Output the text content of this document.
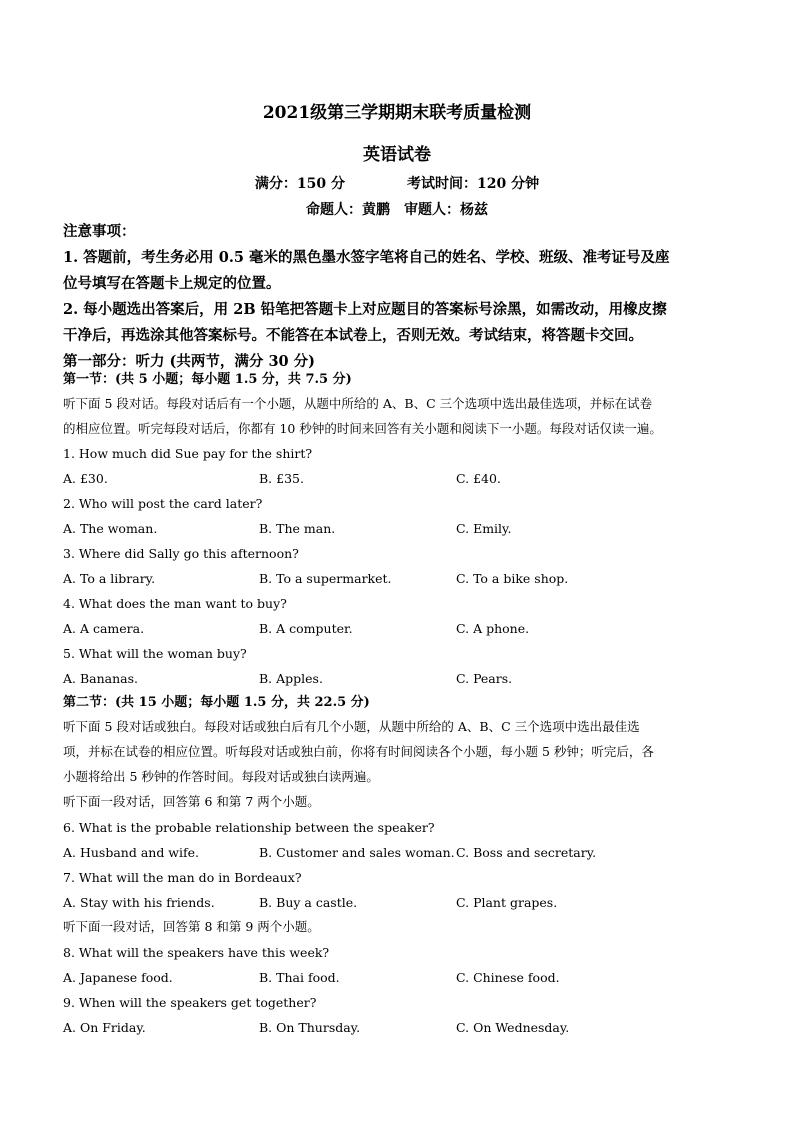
2021级第三学期期末联考质量检测
英语试卷
满分：150 分	考试时间：120 分钟
命题人：黄鹏 审题人：杨兹
注意事项：
1. 答题前，考生务必用 0.5 毫米的黑色墨水签字笔将自己的姓名、学校、班级、准考证号及座
位号填写在答题卡上规定的位置。
2. 每小题选出答案后，用 2B 铅笔把答题卡上对应题目的答案标号涂黑，如需改动，用橡皮擦
干净后，再选涂其他答案标号。不能答在本试卷上，否则无效。考试结束，将答题卡交回。
第一部分：听力 (共两节，满分 30 分)
第一节：(共 5 小题；每小题 1.5 分，共 7.5 分)
听下面 5 段对话。每段对话后有一个小题，从题中所给的 A、B、C 三个选项中选出最佳选项，并标在试卷
的相应位置。听完每段对话后，你都有 10 秒钟的时间来回答有关小题和阅读下一小题。每段对话仅读一遍。
1. How much did Sue pay for the shirt?
A. £30.	B. £35.	C. £40.
2. Who will post the card later?
A. The woman.	B. The man.	C. Emily.
3. Where did Sally go this afternoon?
A. To a library.	B. To a supermarket.	C. To a bike shop.
4. What does the man want to buy?
A. A camera.	B. A computer.	C. A phone.
5. What will the woman buy?
A. Bananas.	B. Apples.	C. Pears.
第二节：(共 15 小题；每小题 1.5 分，共 22.5 分)
听下面 5 段对话或独白。每段对话或独白后有几个小题，从题中所给的 A、B、C 三个选项中选出最佳选
项，并标在试卷的相应位置。听每段对话或独白前，你将有时间阅读各个小题，每小题 5 秒钟；听完后，各
小题将给出 5 秒钟的作答时间。每段对话或独白读两遍。
听下面一段对话，回答第 6 和第 7 两个小题。
6. What is the probable relationship between the speaker?
A. Husband and wife.	B. Customer and sales woman. C. Boss and secretary.
7. What will the man do in Bordeaux?
A. Stay with his friends.	B. Buy a castle.	C. Plant grapes.
听下面一段对话，回答第 8 和第 9 两个小题。
8. What will the speakers have this week?
A. Japanese food.	B. Thai food.	C. Chinese food.
9. When will the speakers get together?
A. On Friday.	B. On Thursday.	C. On Wednesday.
